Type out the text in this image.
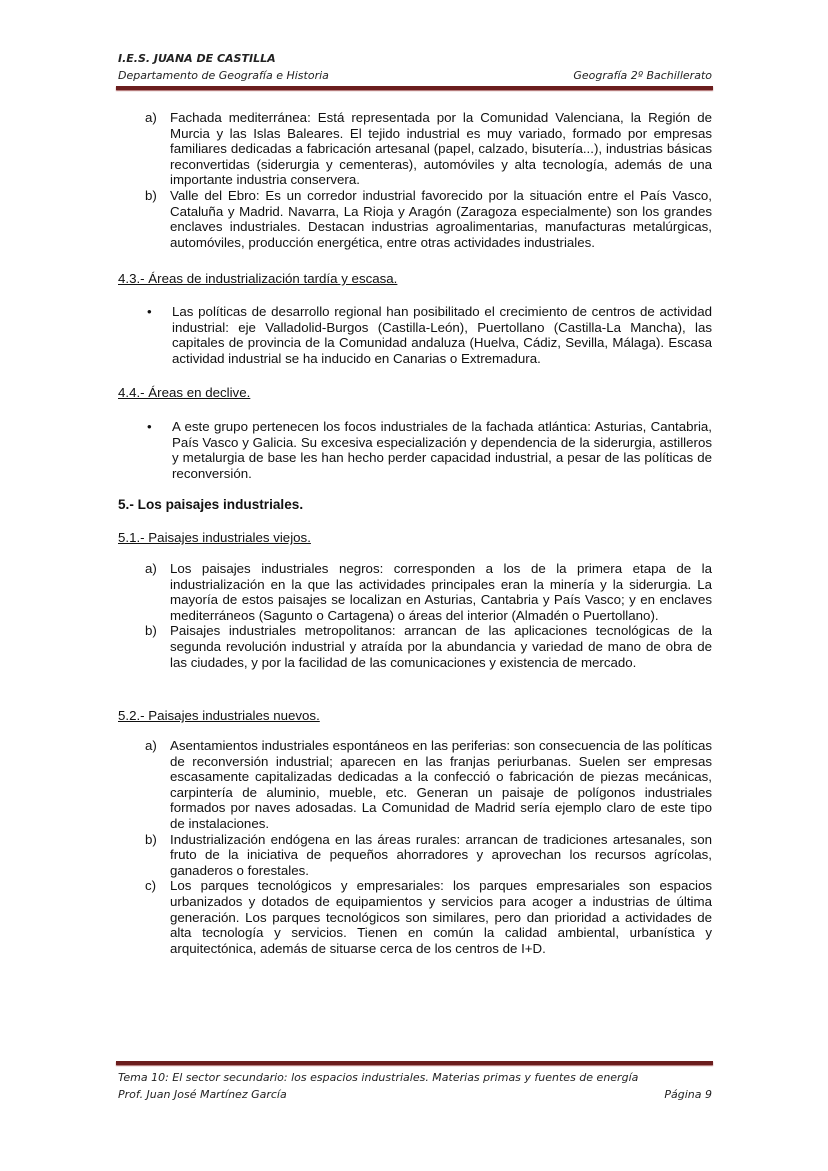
I.E.S. JUANA DE CASTILLA
Departamento de Geografía e Historia	Geografía 2º Bachillerato
a) Fachada mediterránea: Está representada por la Comunidad Valenciana, la Región de Murcia y las Islas Baleares. El tejido industrial es muy variado, formado por empresas familiares dedicadas a fabricación artesanal (papel, calzado, bisutería...), industrias básicas reconvertidas (siderurgia y cementeras), automóviles y alta tecnología, además de una importante industria conservera.
b) Valle del Ebro: Es un corredor industrial favorecido por la situación entre el País Vasco, Cataluña y Madrid. Navarra, La Rioja y Aragón (Zaragoza especialmente) son los grandes enclaves industriales. Destacan industrias agroalimentarias, manufacturas metalúrgicas, automóviles, producción energética, entre otras actividades industriales.
4.3.- Áreas de industrialización tardía y escasa.
•	Las políticas de desarrollo regional han posibilitado el crecimiento de centros de actividad industrial: eje Valladolid-Burgos (Castilla-León), Puertollano (Castilla-La Mancha), las capitales de provincia de la Comunidad andaluza (Huelva, Cádiz, Sevilla, Málaga). Escasa actividad industrial se ha inducido en Canarias o Extremadura.
4.4.- Áreas en declive.
•	A este grupo pertenecen los focos industriales de la fachada atlántica: Asturias, Cantabria, País Vasco y Galicia. Su excesiva especialización y dependencia de la siderurgia, astilleros y metalurgia de base les han hecho perder capacidad industrial, a pesar de las políticas de reconversión.
5.- Los paisajes industriales.
5.1.- Paisajes industriales viejos.
a) Los paisajes industriales negros: corresponden a los de la primera etapa de la industrialización en la que las actividades principales eran la minería y la siderurgia. La mayoría de estos paisajes se localizan en Asturias, Cantabria y País Vasco; y en enclaves mediterráneos (Sagunto o Cartagena) o áreas del interior (Almadén o Puertollano).
b) Paisajes industriales metropolitanos: arrancan de las aplicaciones tecnológicas de la segunda revolución industrial y atraída por la abundancia y variedad de mano de obra de las ciudades, y por la facilidad de las comunicaciones y existencia de mercado.
5.2.- Paisajes industriales nuevos.
a) Asentamientos industriales espontáneos en las periferias: son consecuencia de las políticas de reconversión industrial; aparecen en las franjas periurbanas. Suelen ser empresas escasamente capitalizadas dedicadas a la confecció o fabricación de piezas mecánicas, carpintería de aluminio, mueble, etc. Generan un paisaje de polígonos industriales formados por naves adosadas. La Comunidad de Madrid sería ejemplo claro de este tipo de instalaciones.
b) Industrialización endógena en las áreas rurales: arrancan de tradiciones artesanales, son fruto de la iniciativa de pequeños ahorradores y aprovechan los recursos agrícolas, ganaderos o forestales.
c)	Los parques tecnológicos y empresariales: los parques empresariales son espacios urbanizados y dotados de equipamientos y servicios para acoger a industrias de última generación. Los parques tecnológicos son similares, pero dan prioridad a actividades de alta tecnología y servicios. Tienen en común la calidad ambiental, urbanística y arquitectónica, además de situarse cerca de los centros de I+D.
Tema 10: El sector secundario: los espacios industriales. Materias primas y fuentes de energía
Prof. Juan José Martínez García	Página 9
